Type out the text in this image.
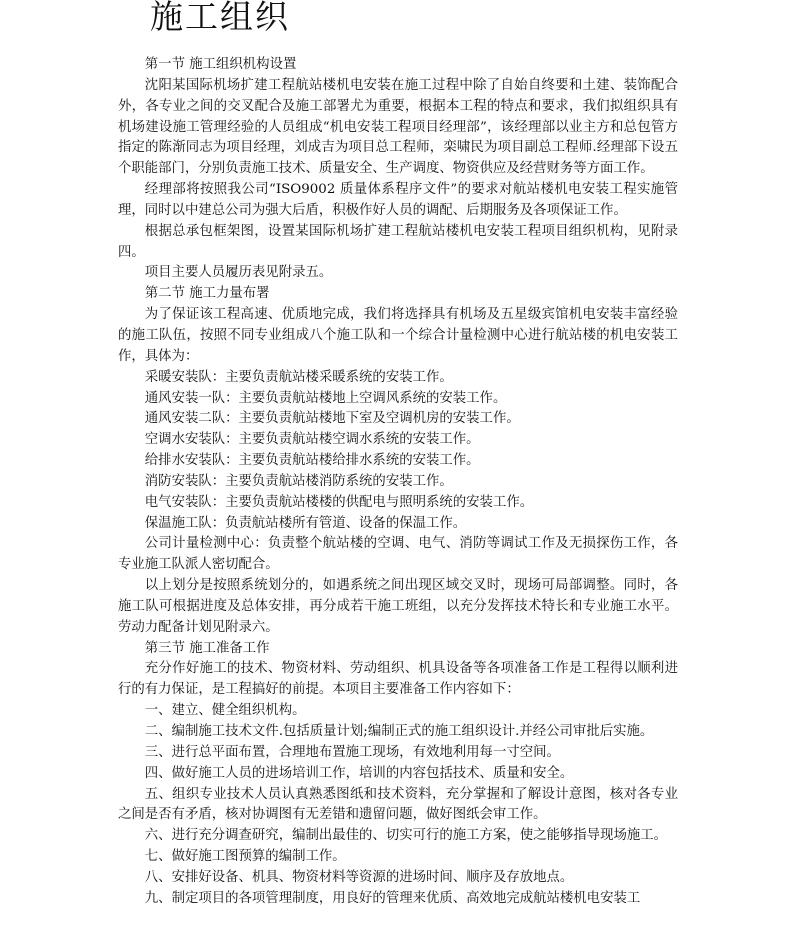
施工组织

第一节 施工组织机构设置

沈阳某国际机场扩建工程航站楼机电安装在施工过程中除了自始自终要和土建、装饰配合外，各专业之间的交叉配合及施工部署尤为重要，根据本工程的特点和要求，我们拟组织具有机场建设施工管理经验的人员组成“机电安装工程项目经理部”，该经理部以业主方和总包管方指定的陈渐同志为项目经理，刘成吉为项目总工程师，栾啸民为项目副总工程师.经理部下设五个职能部门，分别负责施工技术、质量安全、生产调度、物资供应及经营财务等方面工作。

经理部将按照我公司“ISO9002 质量体系程序文件”的要求对航站楼机电安装工程实施管理，同时以中建总公司为强大后盾，积极作好人员的调配、后期服务及各项保证工作。

根据总承包框架图，设置某国际机场扩建工程航站楼机电安装工程项目组织机构，见附录四。

项目主要人员履历表见附录五。

第二节 施工力量布署

为了保证该工程高速、优质地完成，我们将选择具有机场及五星级宾馆机电安装丰富经验的施工队伍，按照不同专业组成八个施工队和一个综合计量检测中心进行航站楼的机电安装工作，具体为：

采暖安装队：主要负责航站楼采暖系统的安装工作。

通风安装一队：主要负责航站楼地上空调风系统的安装工作。

通风安装二队：主要负责航站楼地下室及空调机房的安装工作。

空调水安装队：主要负责航站楼空调水系统的安装工作。

给排水安装队：主要负责航站楼给排水系统的安装工作。

消防安装队：主要负责航站楼消防系统的安装工作。

电气安装队：主要负责航站楼楼的供配电与照明系统的安装工作。

保温施工队：负责航站楼所有管道、设备的保温工作。

公司计量检测中心：负责整个航站楼的空调、电气、消防等调试工作及无损探伤工作，各专业施工队派人密切配合。

以上划分是按照系统划分的，如遇系统之间出现区域交叉时，现场可局部调整。同时，各施工队可根据进度及总体安排，再分成若干施工班组，以充分发挥技术特长和专业施工水平。劳动力配备计划见附录六。

第三节 施工准备工作

充分作好施工的技术、物资材料、劳动组织、机具设备等各项准备工作是工程得以顺利进行的有力保证，是工程搞好的前提。本项目主要准备工作内容如下：

一、建立、健全组织机构。

二、编制施工技术文件.包括质量计划;编制正式的施工组织设计.并经公司审批后实施。

三、进行总平面布置，合理地布置施工现场，有效地利用每一寸空间。

四、做好施工人员的进场培训工作，培训的内容包括技术、质量和安全。

五、组织专业技术人员认真熟悉图纸和技术资料，充分掌握和了解设计意图，核对各专业之间是否有矛盾，核对协调图有无差错和遗留问题，做好图纸会审工作。

六、进行充分调查研究，编制出最佳的、切实可行的施工方案，使之能够指导现场施工。

七、做好施工图预算的编制工作。

八、安排好设备、机具、物资材料等资源的进场时间、顺序及存放地点。

九、制定项目的各项管理制度，用良好的管理来优质、高效地完成航站楼机电安装工
